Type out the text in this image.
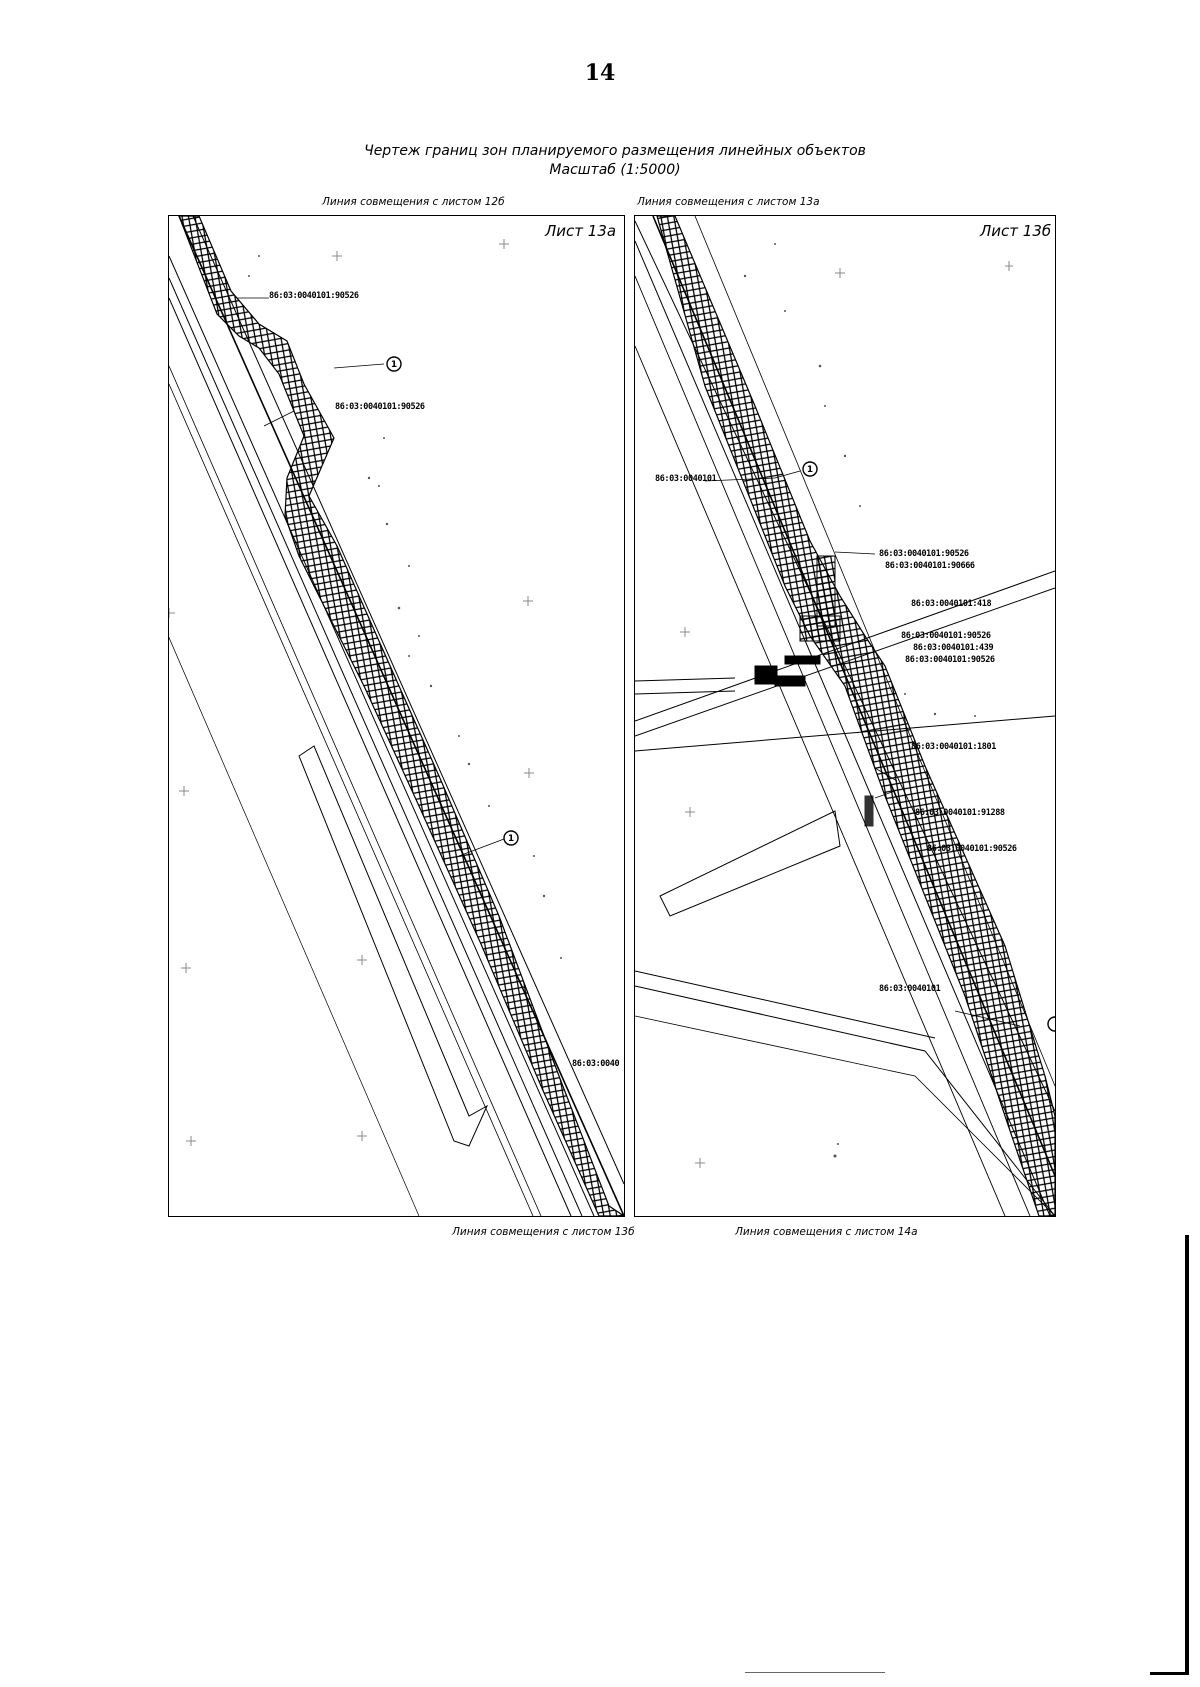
14
Чертеж границ зон планируемого размещения линейных объектов
Масштаб (1:5000)
Линия совмещения с листом 12б
Линия совмещения с листом 13б
Линия совмещения с листом 13а
Линия совмещения с листом 14а
1
1
Лист 13а
86:03:0040101:90526
86:03:0040101:90526
86:03:0040
1
Лист 13б
86:03:0040101
86:03:0040101:90526
86:03:0040101:90666
86:03:0040101:418
86:03:0040101:90526
86:03:0040101:439
86:03:0040101:90526
86:03:0040101:1801
86:03:0040101:91288
86:03:0040101:90526
86:03:0040101
